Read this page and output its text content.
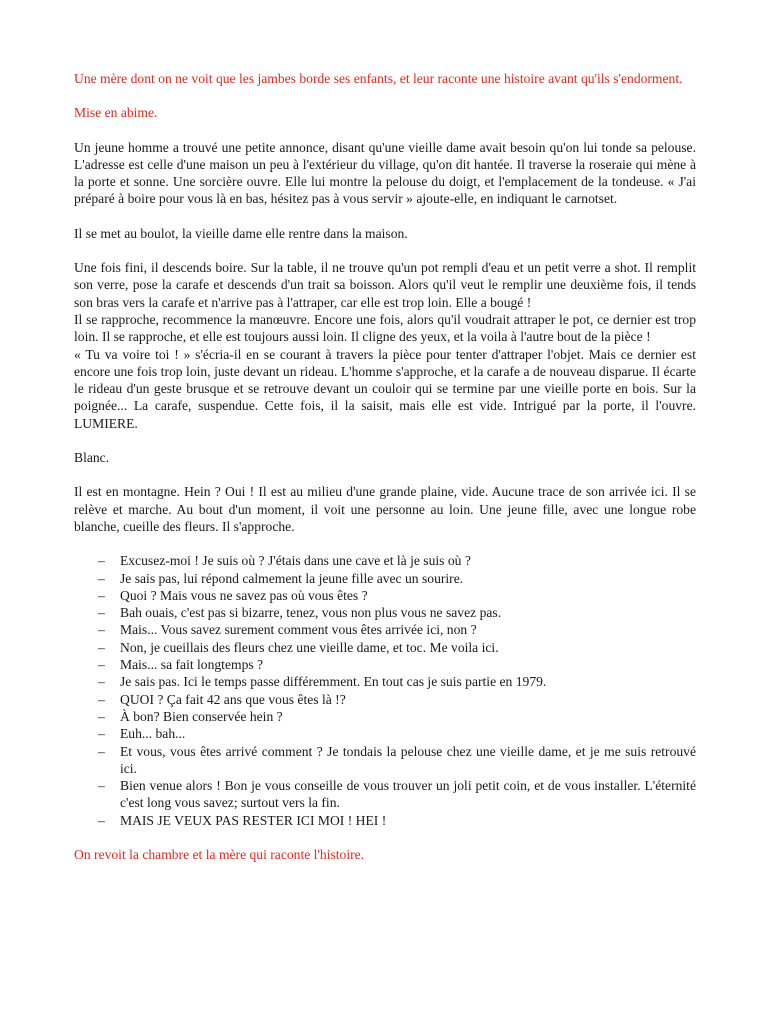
Une mère dont on ne voit que les jambes borde ses enfants, et leur raconte une histoire avant qu'ils s'endorment.

Mise en abime.

Un jeune homme a trouvé une petite annonce, disant qu'une vieille dame avait besoin qu'on lui tonde sa pelouse. L'adresse est celle d'une maison un peu à l'extérieur du village, qu'on dit hantée. Il traverse la roseraie qui mène à la porte et sonne. Une sorcière ouvre. Elle lui montre la pelouse du doigt, et l'emplacement de la tondeuse. « J'ai préparé à boire pour vous là en bas, hésitez pas à vous servir » ajoute-elle, en indiquant le carnotset.

Il se met au boulot, la vieille dame elle rentre dans la maison.

Une fois fini, il descends boire. Sur la table, il ne trouve qu'un pot rempli d'eau et un petit verre a shot. Il remplit son verre, pose la carafe et descends d'un trait sa boisson. Alors qu'il veut le remplir une deuxième fois, il tends son bras vers la carafe et n'arrive pas à l'attraper, car elle est trop loin. Elle a bougé !

Il se rapproche, recommence la manœuvre. Encore une fois, alors qu'il voudrait attraper le pot, ce dernier est trop loin. Il se rapproche, et elle est toujours aussi loin. Il cligne des yeux, et la voila à l'autre bout de la pièce !

« Tu va voire toi ! » s'écria-il en se courant à travers la pièce pour tenter d'attraper l'objet. Mais ce dernier est encore une fois trop loin, juste devant un rideau. L'homme s'approche, et la carafe a de nouveau disparue. Il écarte le rideau d'un geste brusque et se retrouve devant un couloir qui se termine par une vieille porte en bois. Sur la poignée... La carafe, suspendue. Cette fois, il la saisit, mais elle est vide. Intrigué par la porte, il l'ouvre. LUMIERE.

Blanc.

Il est en montagne. Hein ? Oui ! Il est au milieu d'une grande plaine, vide. Aucune trace de son arrivée ici. Il se relève et marche. Au bout d'un moment, il voit une personne au loin. Une jeune fille, avec une longue robe blanche, cueille des fleurs. Il s'approche.

– Excusez-moi ! Je suis où ? J'étais dans une cave et là je suis où ?
– Je sais pas, lui répond calmement la jeune fille avec un sourire.
– Quoi ? Mais vous ne savez pas où vous êtes ?
– Bah ouais, c'est pas si bizarre, tenez, vous non plus vous ne savez pas.
– Mais... Vous savez surement comment vous êtes arrivée ici, non ?
– Non, je cueillais des fleurs chez une vieille dame, et toc. Me voila ici.
– Mais... sa fait longtemps ?
– Je sais pas. Ici le temps passe différemment. En tout cas je suis partie en 1979.
– QUOI ? Ça fait 42 ans que vous êtes là !?
– À bon? Bien conservée hein ?
– Euh... bah...
– Et vous, vous êtes arrivé comment ? Je tondais la pelouse chez une vieille dame, et je me suis retrouvé ici.
– Bien venue alors ! Bon je vous conseille de vous trouver un joli petit coin, et de vous installer. L'éternité c'est long vous savez; surtout vers la fin.
– MAIS JE VEUX PAS RESTER ICI MOI ! HEI !

On revoit la chambre et la mère qui raconte l'histoire.
